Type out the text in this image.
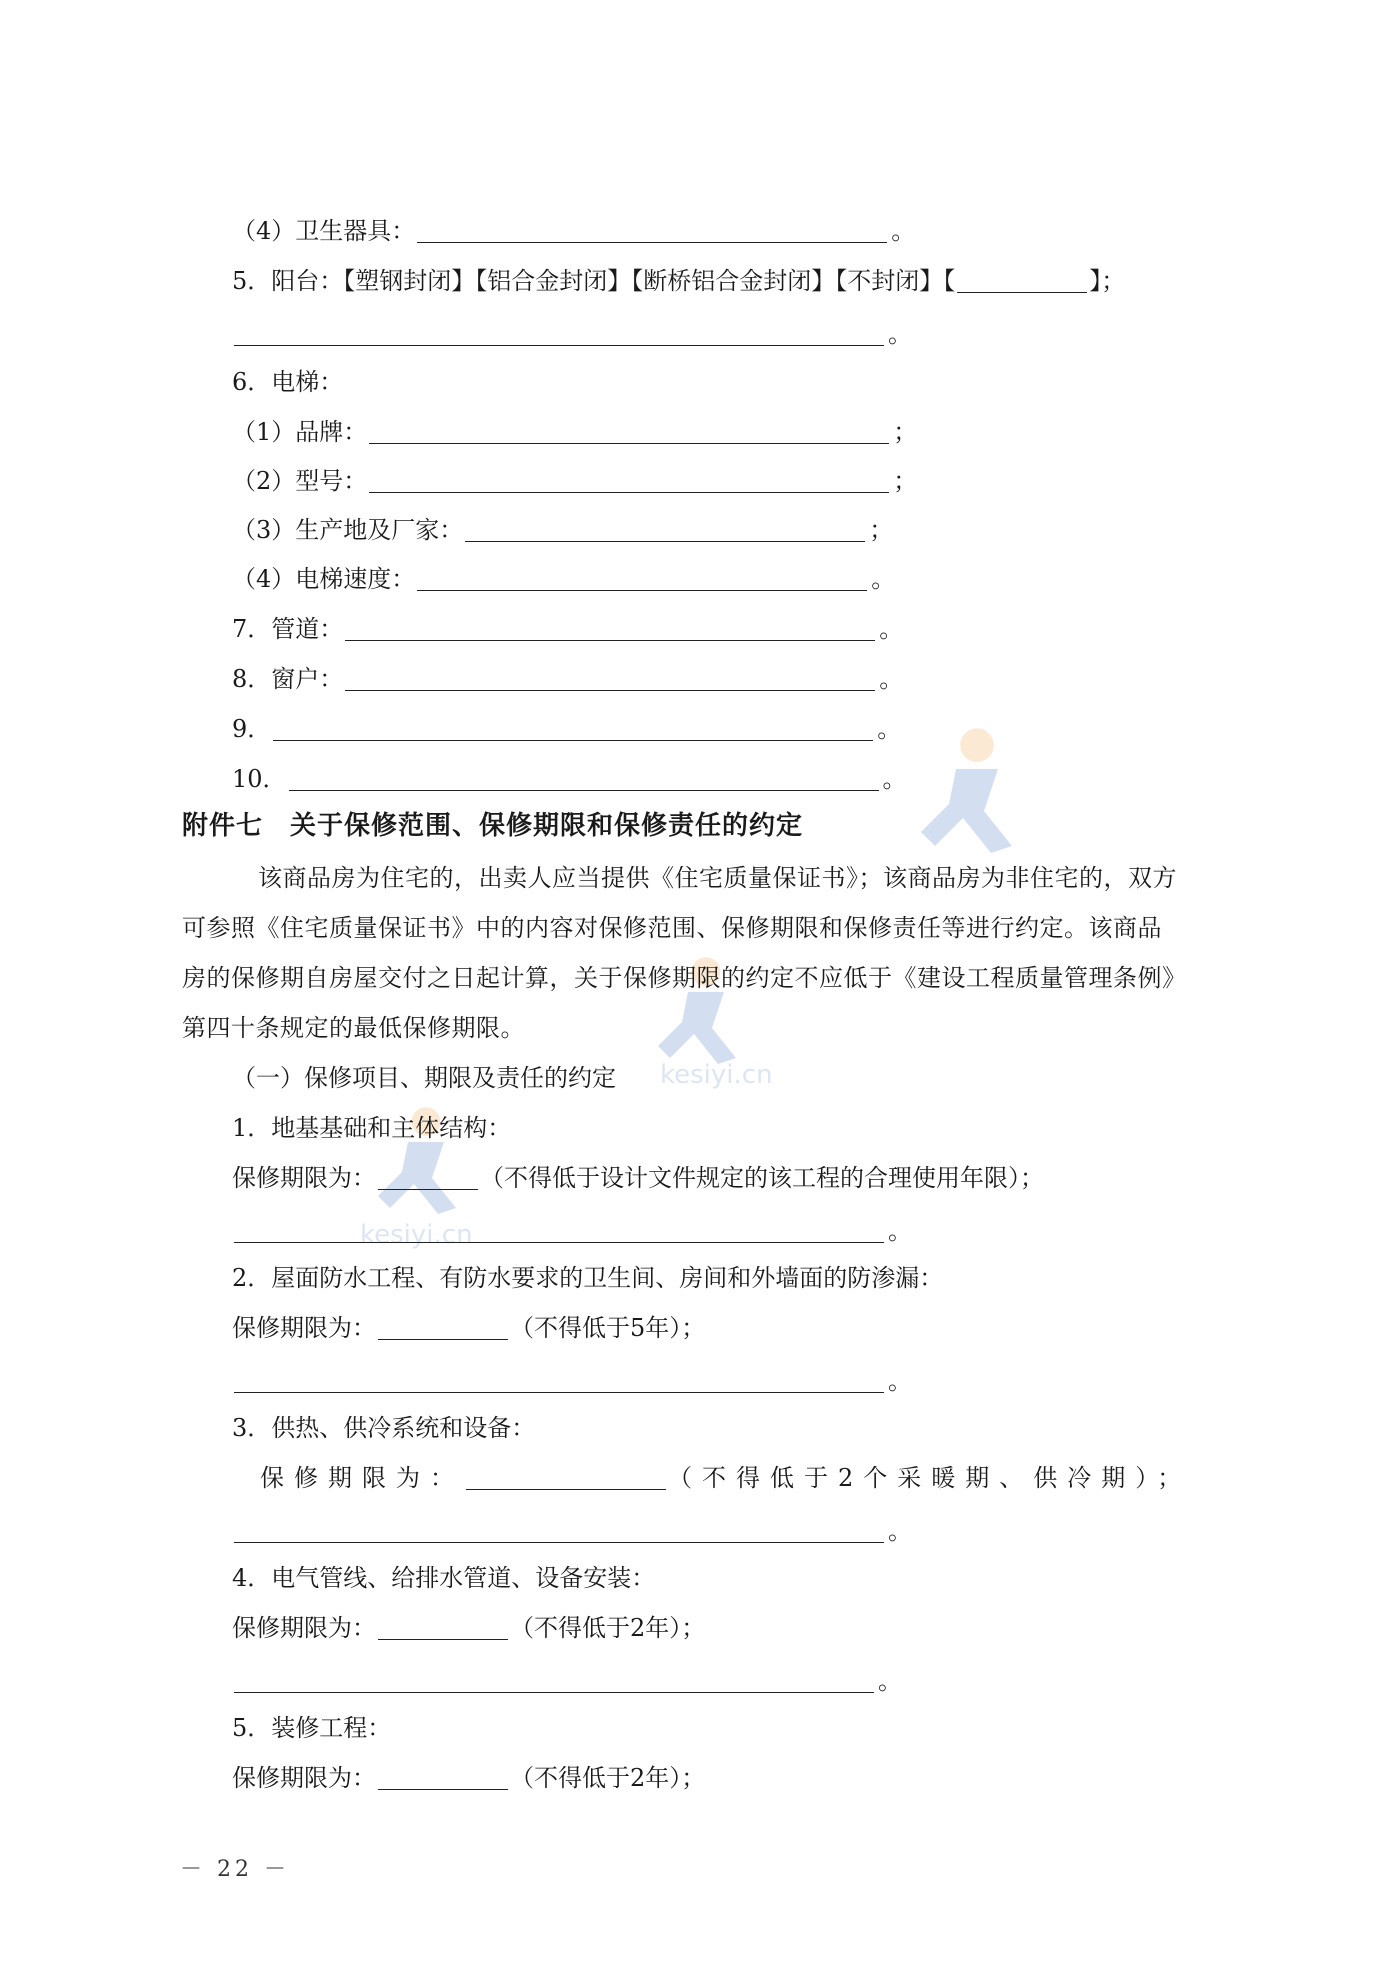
kesiyi.cn
kesiyi.cn
（4）卫生器具：	。
5．阳台：【塑钢封闭】【铝合金封闭】【断桥铝合金封闭】【不封闭】【	】；
。
6．电梯：
（1）品牌：	；
（2）型号：	；
（3）生产地及厂家：	；
（4）电梯速度：	。
7．管道：	。
8．窗户：	。
9．	。
10．	。
附件七　关于保修范围、保修期限和保修责任的约定
该商品房为住宅的，出卖人应当提供《住宅质量保证书》；该商品房为非住宅的，双方
可参照《住宅质量保证书》中的内容对保修范围、保修期限和保修责任等进行约定。该商品
房的保修期自房屋交付之日起计算，关于保修期限的约定不应低于《建设工程质量管理条例》
第四十条规定的最低保修期限。
（一）保修项目、期限及责任的约定
1．地基基础和主体结构：
保修期限为：	（不得低于设计文件规定的该工程的合理使用年限）；
。
2．屋面防水工程、有防水要求的卫生间、房间和外墙面的防渗漏：
保修期限为：	（不得低于5年）；
。
3．供热、供冷系统和设备：
保修期限为：	（不得低于2个采暖期、供冷期）；
。
4．电气管线、给排水管道、设备安装：
保修期限为：	（不得低于2年）；
。
5．装修工程：
保修期限为：	（不得低于2年）；
－ 22 －
